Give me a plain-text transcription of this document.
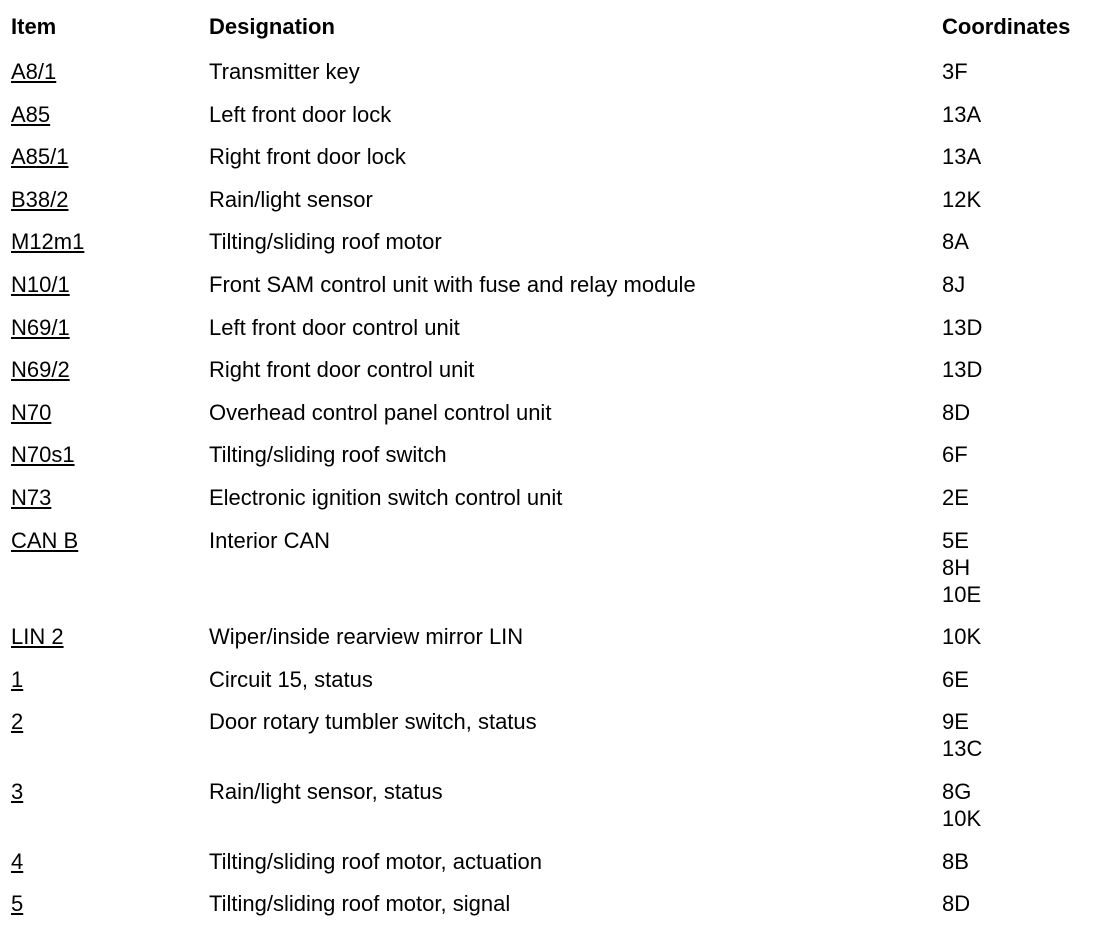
Item	Designation	Coordinates
A8/1	Transmitter key	3F
A85	Left front door lock	13A
A85/1	Right front door lock	13A
B38/2	Rain/light sensor	12K
M12m1	Tilting/sliding roof motor	8A
N10/1	Front SAM control unit with fuse and relay module	8J
N69/1	Left front door control unit	13D
N69/2	Right front door control unit	13D
N70	Overhead control panel control unit	8D
N70s1	Tilting/sliding roof switch	6F
N73	Electronic ignition switch control unit	2E
CAN B	Interior CAN	5E
8H
10E
LIN 2	Wiper/inside rearview mirror LIN	10K
1	Circuit 15, status	6E
2	Door rotary tumbler switch, status	9E
13C
3	Rain/light sensor, status	8G
10K
4	Tilting/sliding roof motor, actuation	8B
5	Tilting/sliding roof motor, signal	8D
